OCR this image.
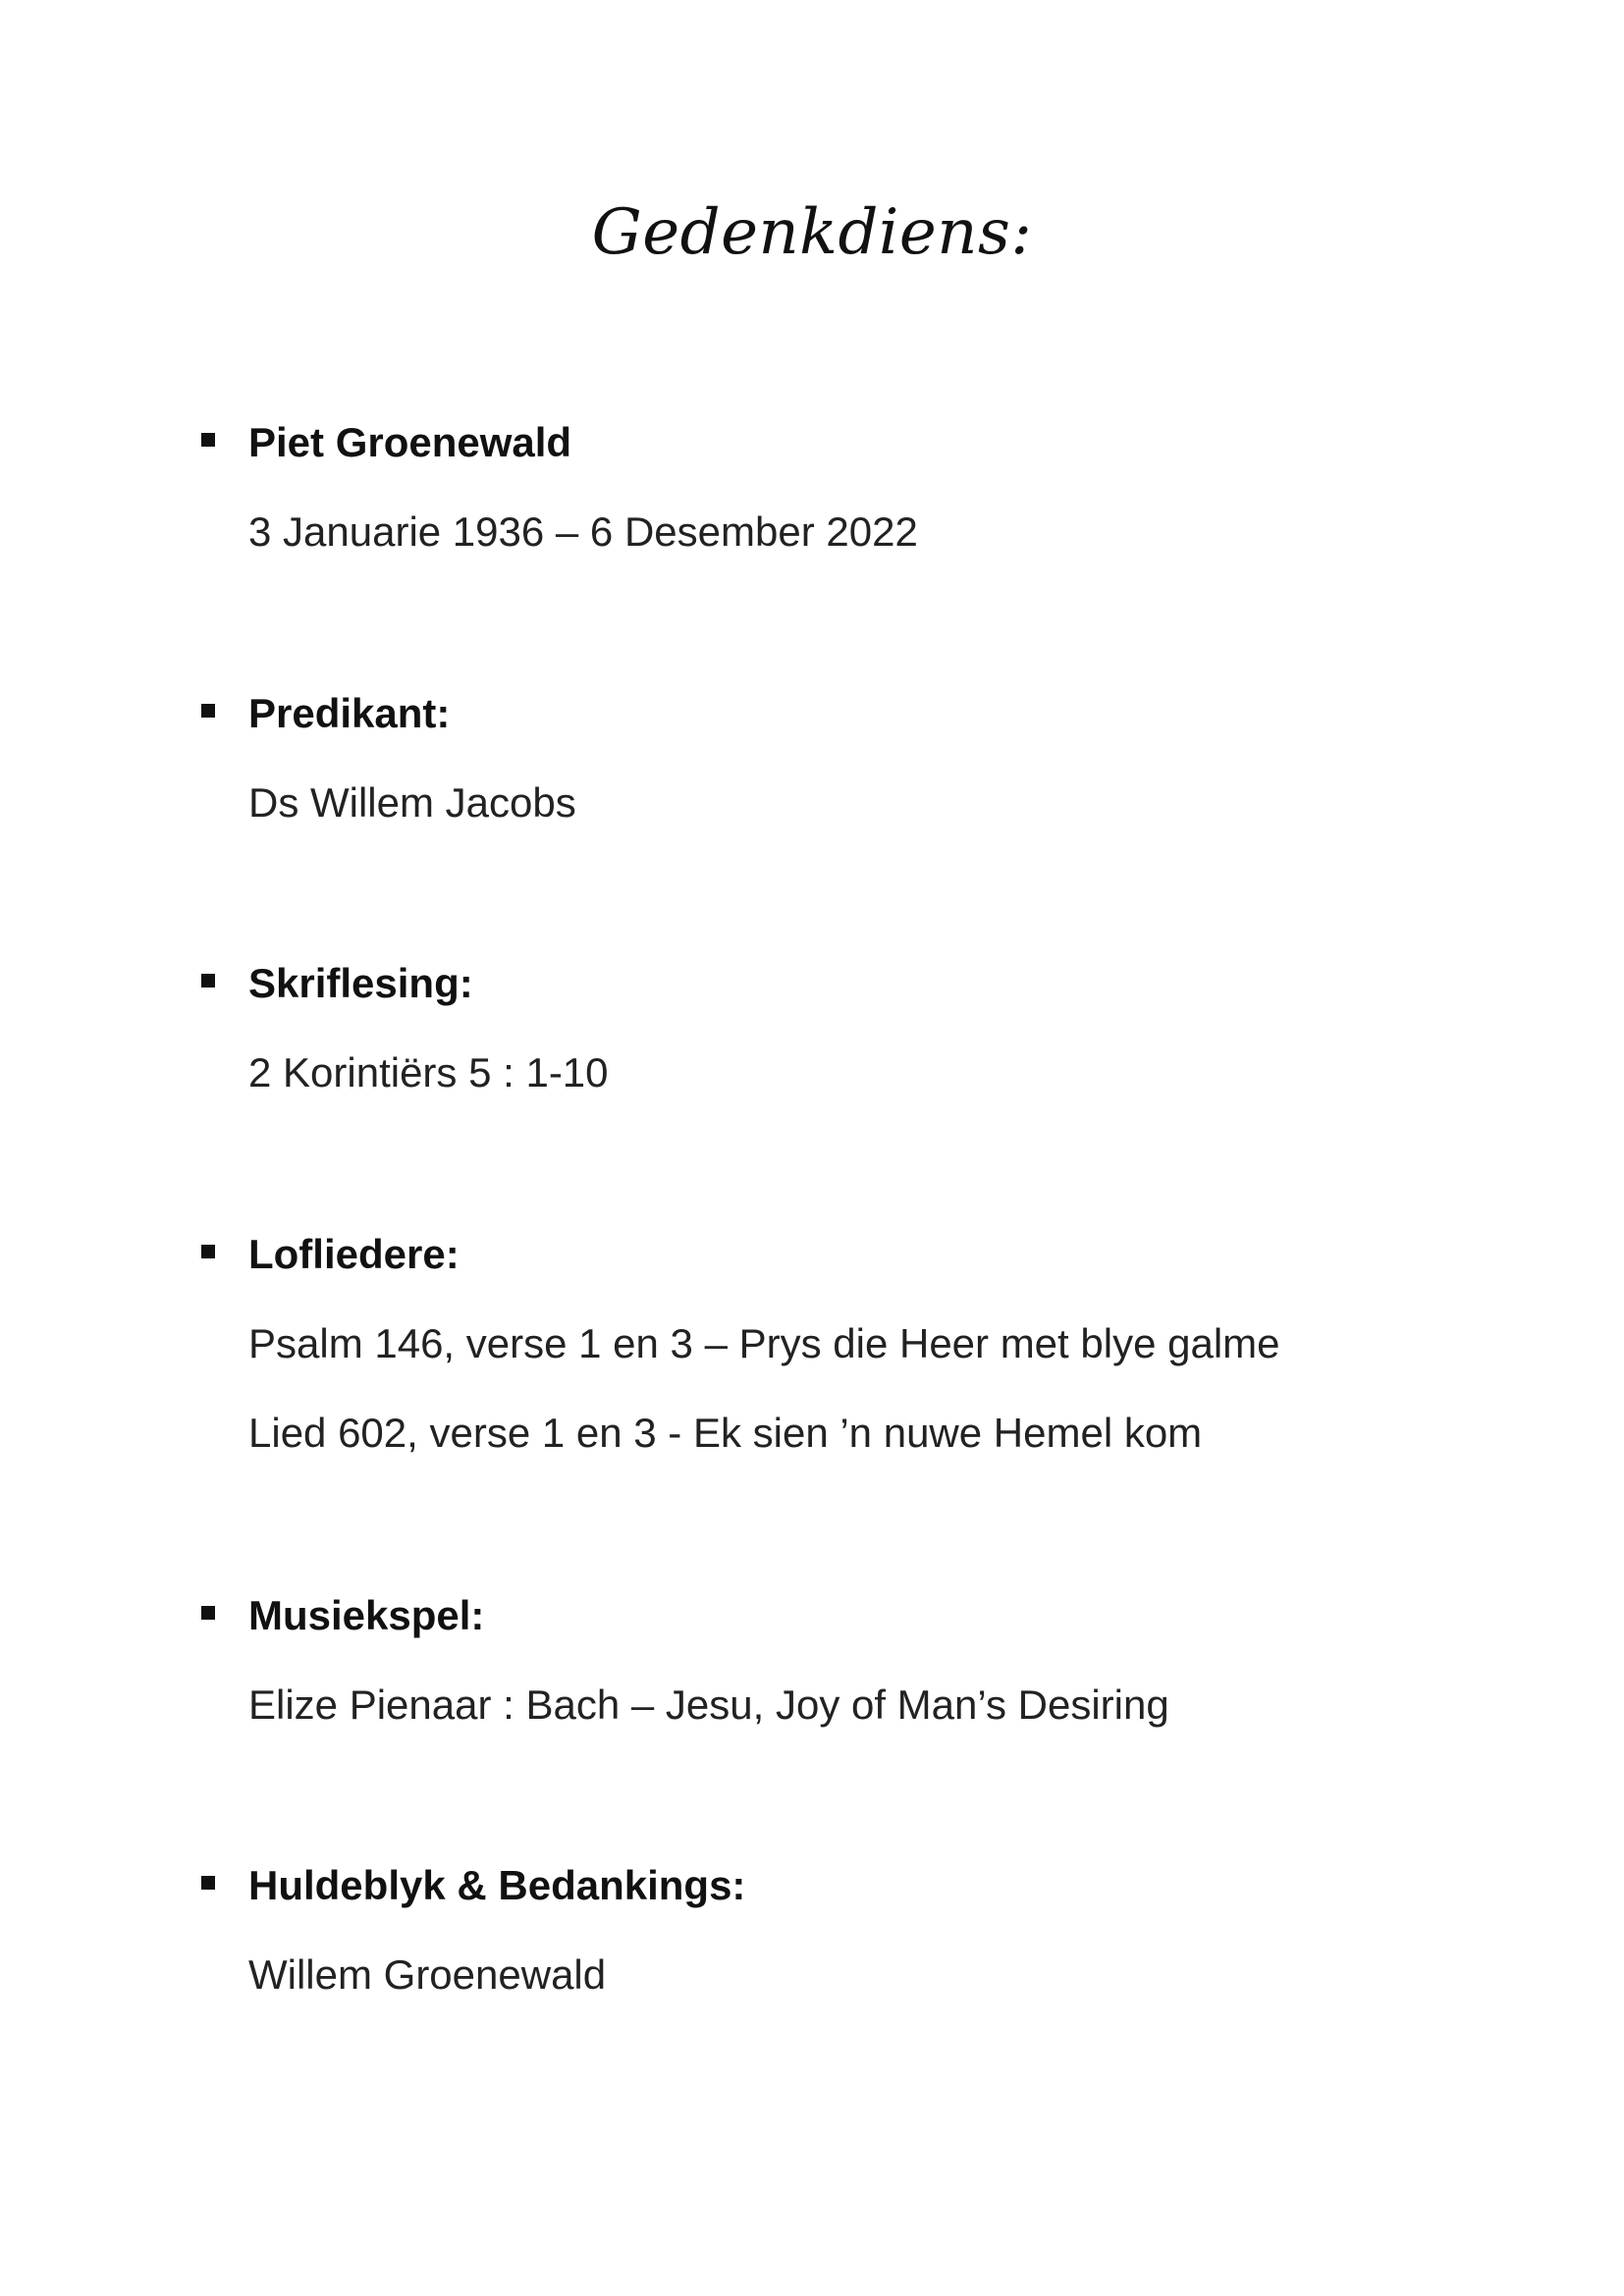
Gedenkdiens:
Piet Groenewald
3 Januarie 1936 – 6 Desember 2022
Predikant:
Ds Willem Jacobs
Skriflesing:
2 Korintiërs 5 : 1-10
Lofliedere:
Psalm 146, verse 1 en 3 – Prys die Heer met blye galme
Lied 602, verse 1 en 3 - Ek sien ’n nuwe Hemel kom
Musiekspel:
Elize Pienaar : Bach – Jesu, Joy of Man’s Desiring
Huldeblyk & Bedankings:
Willem Groenewald
